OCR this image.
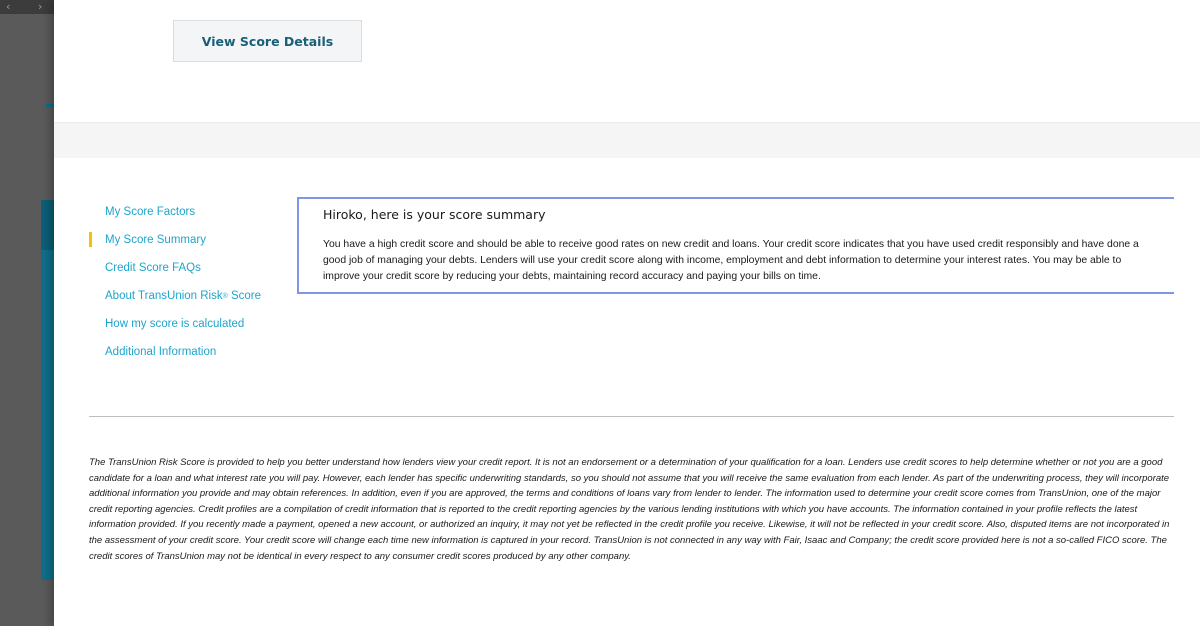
‹	›
View Score Details
My Score Factors
My Score Summary
Credit Score FAQs
About TransUnion Risk ® Score
How my score is calculated
Additional Information
Hiroko, here is your score summary

You have a high credit score and should be able to receive good rates on new credit and loans. Your credit score indicates that you have used credit responsibly and have done a good job of managing your debts. Lenders will use your credit score along with income, employment and debt information to determine your interest rates. You may be able to improve your credit score by reducing your debts, maintaining record accuracy and paying your bills on time.

The TransUnion Risk Score is provided to help you better understand how lenders view your credit report. It is not an endorsement or a determination of your qualification for a loan. Lenders use credit scores to help determine whether or not you are a good candidate for a loan and what interest rate you will pay. However, each lender has specific underwriting standards, so you should not assume that you will receive the same evaluation from each lender. As part of the underwriting process, they will incorporate additional information you provide and may obtain references. In addition, even if you are approved, the terms and conditions of loans vary from lender to lender. The information used to determine your credit score comes from TransUnion, one of the major credit reporting agencies. Credit profiles are a compilation of credit information that is reported to the credit reporting agencies by the various lending institutions with which you have accounts. The information contained in your profile reflects the latest information provided. If you recently made a payment, opened a new account, or authorized an inquiry, it may not yet be reflected in the credit profile you receive. Likewise, it will not be reflected in your credit score. Also, disputed items are not incorporated in the assessment of your credit score. Your credit score will change each time new information is captured in your record. TransUnion is not connected in any way with Fair, Isaac and Company; the credit score provided here is not a so-called FICO score. The credit scores of TransUnion may not be identical in every respect to any consumer credit scores produced by any other company.
